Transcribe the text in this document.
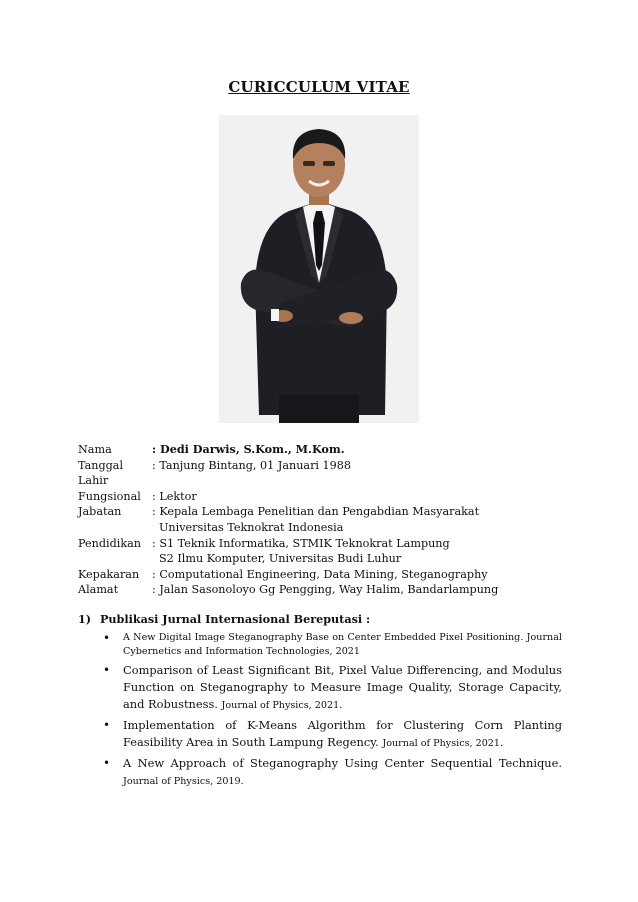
CURICCULUM VITAE
Nama	: Dedi Darwis, S.Kom., M.Kom.
Tanggal Lahir
: Tanjung Bintang, 01 Januari 1988
Fungsional : Lektor
Jabatan	: Kepala Lembaga Penelitian dan Pengabdian Masyarakat
Universitas Teknokrat Indonesia
Pendidikan : S1 Teknik Informatika, STMIK Teknokrat Lampung
S2 Ilmu Komputer, Universitas Budi Luhur
Kepakaran	: Computational Engineering, Data Mining, Steganography
Alamat	: Jalan Sasonoloyo Gg Pengging, Way Halim, Bandarlampung
1) Publikasi Jurnal Internasional Bereputasi :
• A New Digital Image Steganography Base on Center Embedded Pixel Positioning. Journal Cybernetics and Information Technologies, 2021
• Comparison of Least Significant Bit, Pixel Value Differencing, and Modulus Function on Steganography to Measure Image Quality, Storage Capacity, and Robustness. Journal of Physics, 2021.
• Implementation of K-Means Algorithm for Clustering Corn Planting Feasibility Area in South Lampung Regency. Journal of Physics, 2021.
• A New Approach of Steganography Using Center Sequential Technique. Journal of Physics, 2019.
